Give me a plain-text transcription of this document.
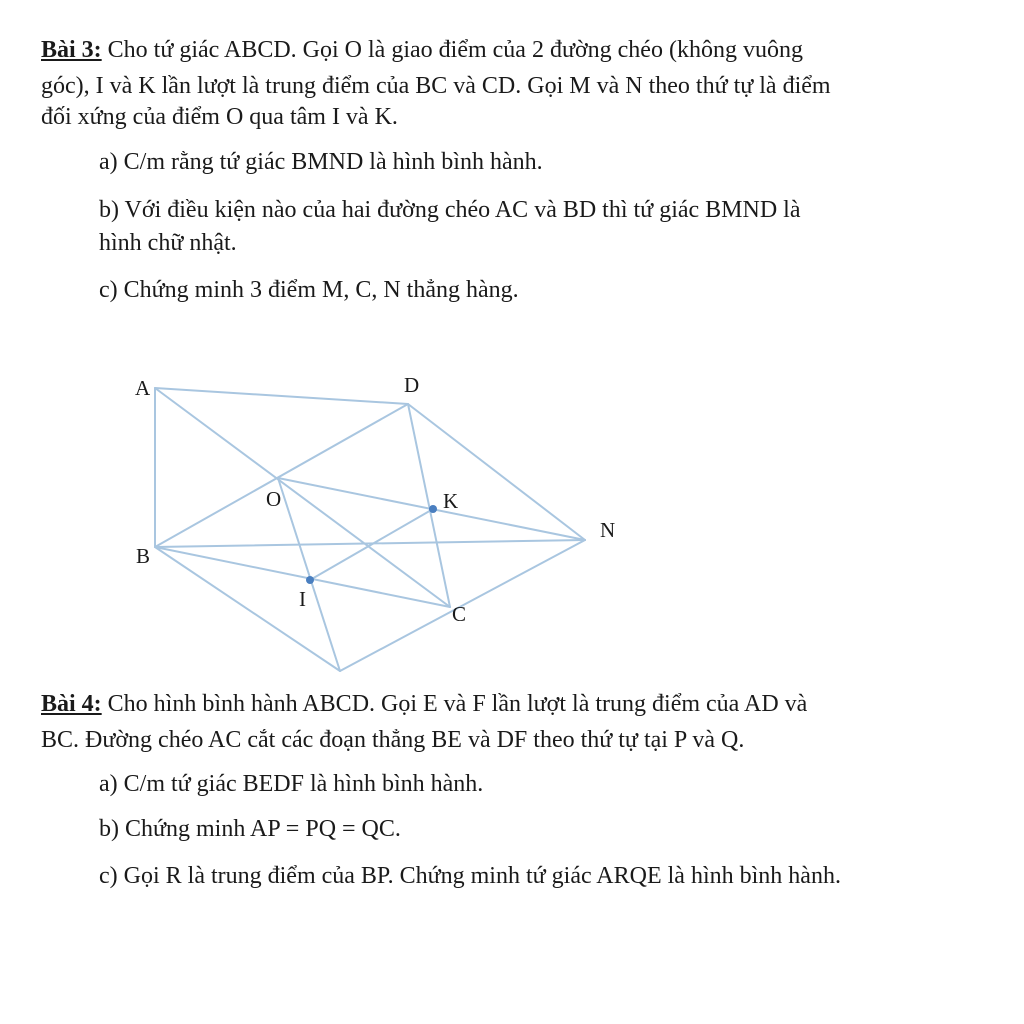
Bài 3: Cho tứ giác ABCD. Gọi O là giao điểm của 2 đường chéo (không vuông
góc), I và K lần lượt là trung điểm của BC và CD. Gọi M và N theo thứ tự là điểm
đối xứng của điểm O qua tâm I và K.
a) C/m rằng tứ giác BMND là hình bình hành.
b) Với điều kiện nào của hai đường chéo AC và BD thì tứ giác BMND là
hình chữ nhật.
c) Chứng minh 3 điểm M, C, N thẳng hàng.
A	D
O	K
N
B
I
C
Bài 4: Cho hình bình hành ABCD. Gọi E và F lần lượt là trung điểm của AD và
BC. Đường chéo AC cắt các đoạn thẳng BE và DF theo thứ tự tại P và Q.
a) C/m tứ giác BEDF là hình bình hành.
b) Chứng minh AP = PQ = QC.
c) Gọi R là trung điểm của BP. Chứng minh tứ giác ARQE là hình bình hành.
